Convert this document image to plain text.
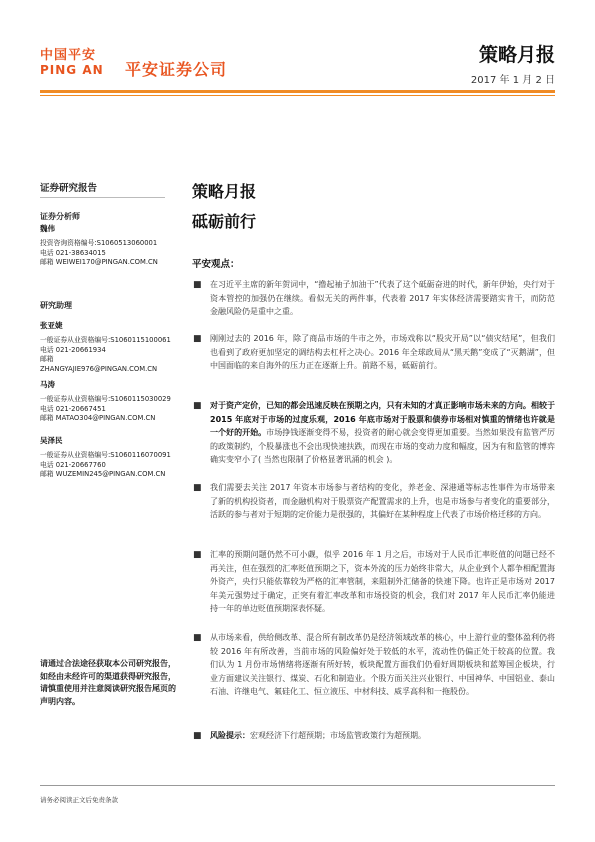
中国平安
PING AN 平安证券公司
策略月报
2017 年 1 月 2 日
证券研究报告
证券分析师
魏伟
投资咨询资格编号:S1060513060001
电话 021-38634015
邮箱 WEIWEI170@PINGAN.COM.CN
研究助理
张亚婕
一般证券从业资格编号:S1060115100061
电话 021-20661934
邮箱
ZHANGYAJIE976@PINGAN.COM.CN
马涛
一般证券从业资格编号:S1060115030029
电话 021-20667451
邮箱 MATAO304@PINGAN.COM.CN
吴泽民
一般证券从业资格编号:S1060116070091
电话 021-20667760
邮箱 WUZEMIN245@PINGAN.COM.CN
请通过合法途径获取本公司研究报告，如经由未经许可的渠道获得研究报告，请慎重使用并注意阅读研究报告尾页的声明内容。
策略月报
砥砺前行
平安观点：
■ 在习近平主席的新年贺词中，“撸起袖子加油干”代表了这个砥砺奋进的时代，新年伊始，央行对于资本管控的加强仍在继续。看似无关的两件事，代表着 2017 年实体经济需要踏实肯干，而防范金融风险仍是重中之重。
■ 刚刚过去的 2016 年，除了商品市场的牛市之外，市场戏称以“股灾开局”以“债灾结尾”，但我们也看到了政府更加坚定的调结构去杠杆之决心。2016 年全球政局从“黑天鹅”变成了“灭鹅湖”，但中国面临的来自海外的压力正在逐渐上升。前路不易，砥砺前行。
■ 对于资产定价，已知的都会迅速反映在预期之内，只有未知的才真正影响市场未来的方向。相较于 2015 年底对于市场的过度乐观，2016 年底市场对于股票和债券市场相对慎重的情绪也许就是一个好的开始。市场挣钱逐渐变得不易，投资者的耐心就会变得更加重要。当然如果没有监管严厉的政策制约，个股暴涨也不会出现快速扶跌，而现在市场的变动力度和幅度，因为有和监管的博弈确实变窄小了( 当然也限制了价格显著讯涌的机会 )。
■ 我们需要去关注 2017 年资本市场参与者结构的变化，养老金、深港通等标志性事件为市场带来了新的机构投资者，而金融机构对于股票资产配置需求的上升，也是市场参与者变化的重要部分，活跃的参与者对于短期的定价能力是很强的，其偏好在某种程度上代表了市场价格迁移的方向。
■ 汇率的预期问题仍然不可小觑，似乎 2016 年 1 月之后，市场对于人民币汇率贬值的问题已经不再关注，但在强烈的汇率贬值预期之下，资本外流的压力始终非常大，从企业到个人都争相配置海外资产，央行只能依靠较为严格的汇率管制，来阻制外汇储备的快速下降。也许正是市场对 2017 年美元强势过于确定，正突有着汇率改革和市场投资的机会，我们对 2017 年人民币汇率仍能进持一年的单边贬值预期深表怀疑。
■ 从市场来看，供给侧改革、混合所有制改革仍是经济领域改革的核心，中上游行业的整体盈利仍将较 2016 年有所改善，当前市场的风险偏好处于较低的水平，流动性仍偏正处于较高的位置。我们认为 1 月份市场情绪将逐渐有所好转，板块配置方面我们仍看好周期板块和蓝筹国企板块，行业方面建议关注银行、煤炭、石化和制造业。个股方面关注兴业银行、中国神华、中国铝业、泰山石油、许继电气、氟硅化工、恒立液压、中材科技、威孚高科和一拖股份。
■ 风险提示：宏观经济下行超预期；市场监管政策行为超预期。
请务必阅读正文后免责条款
